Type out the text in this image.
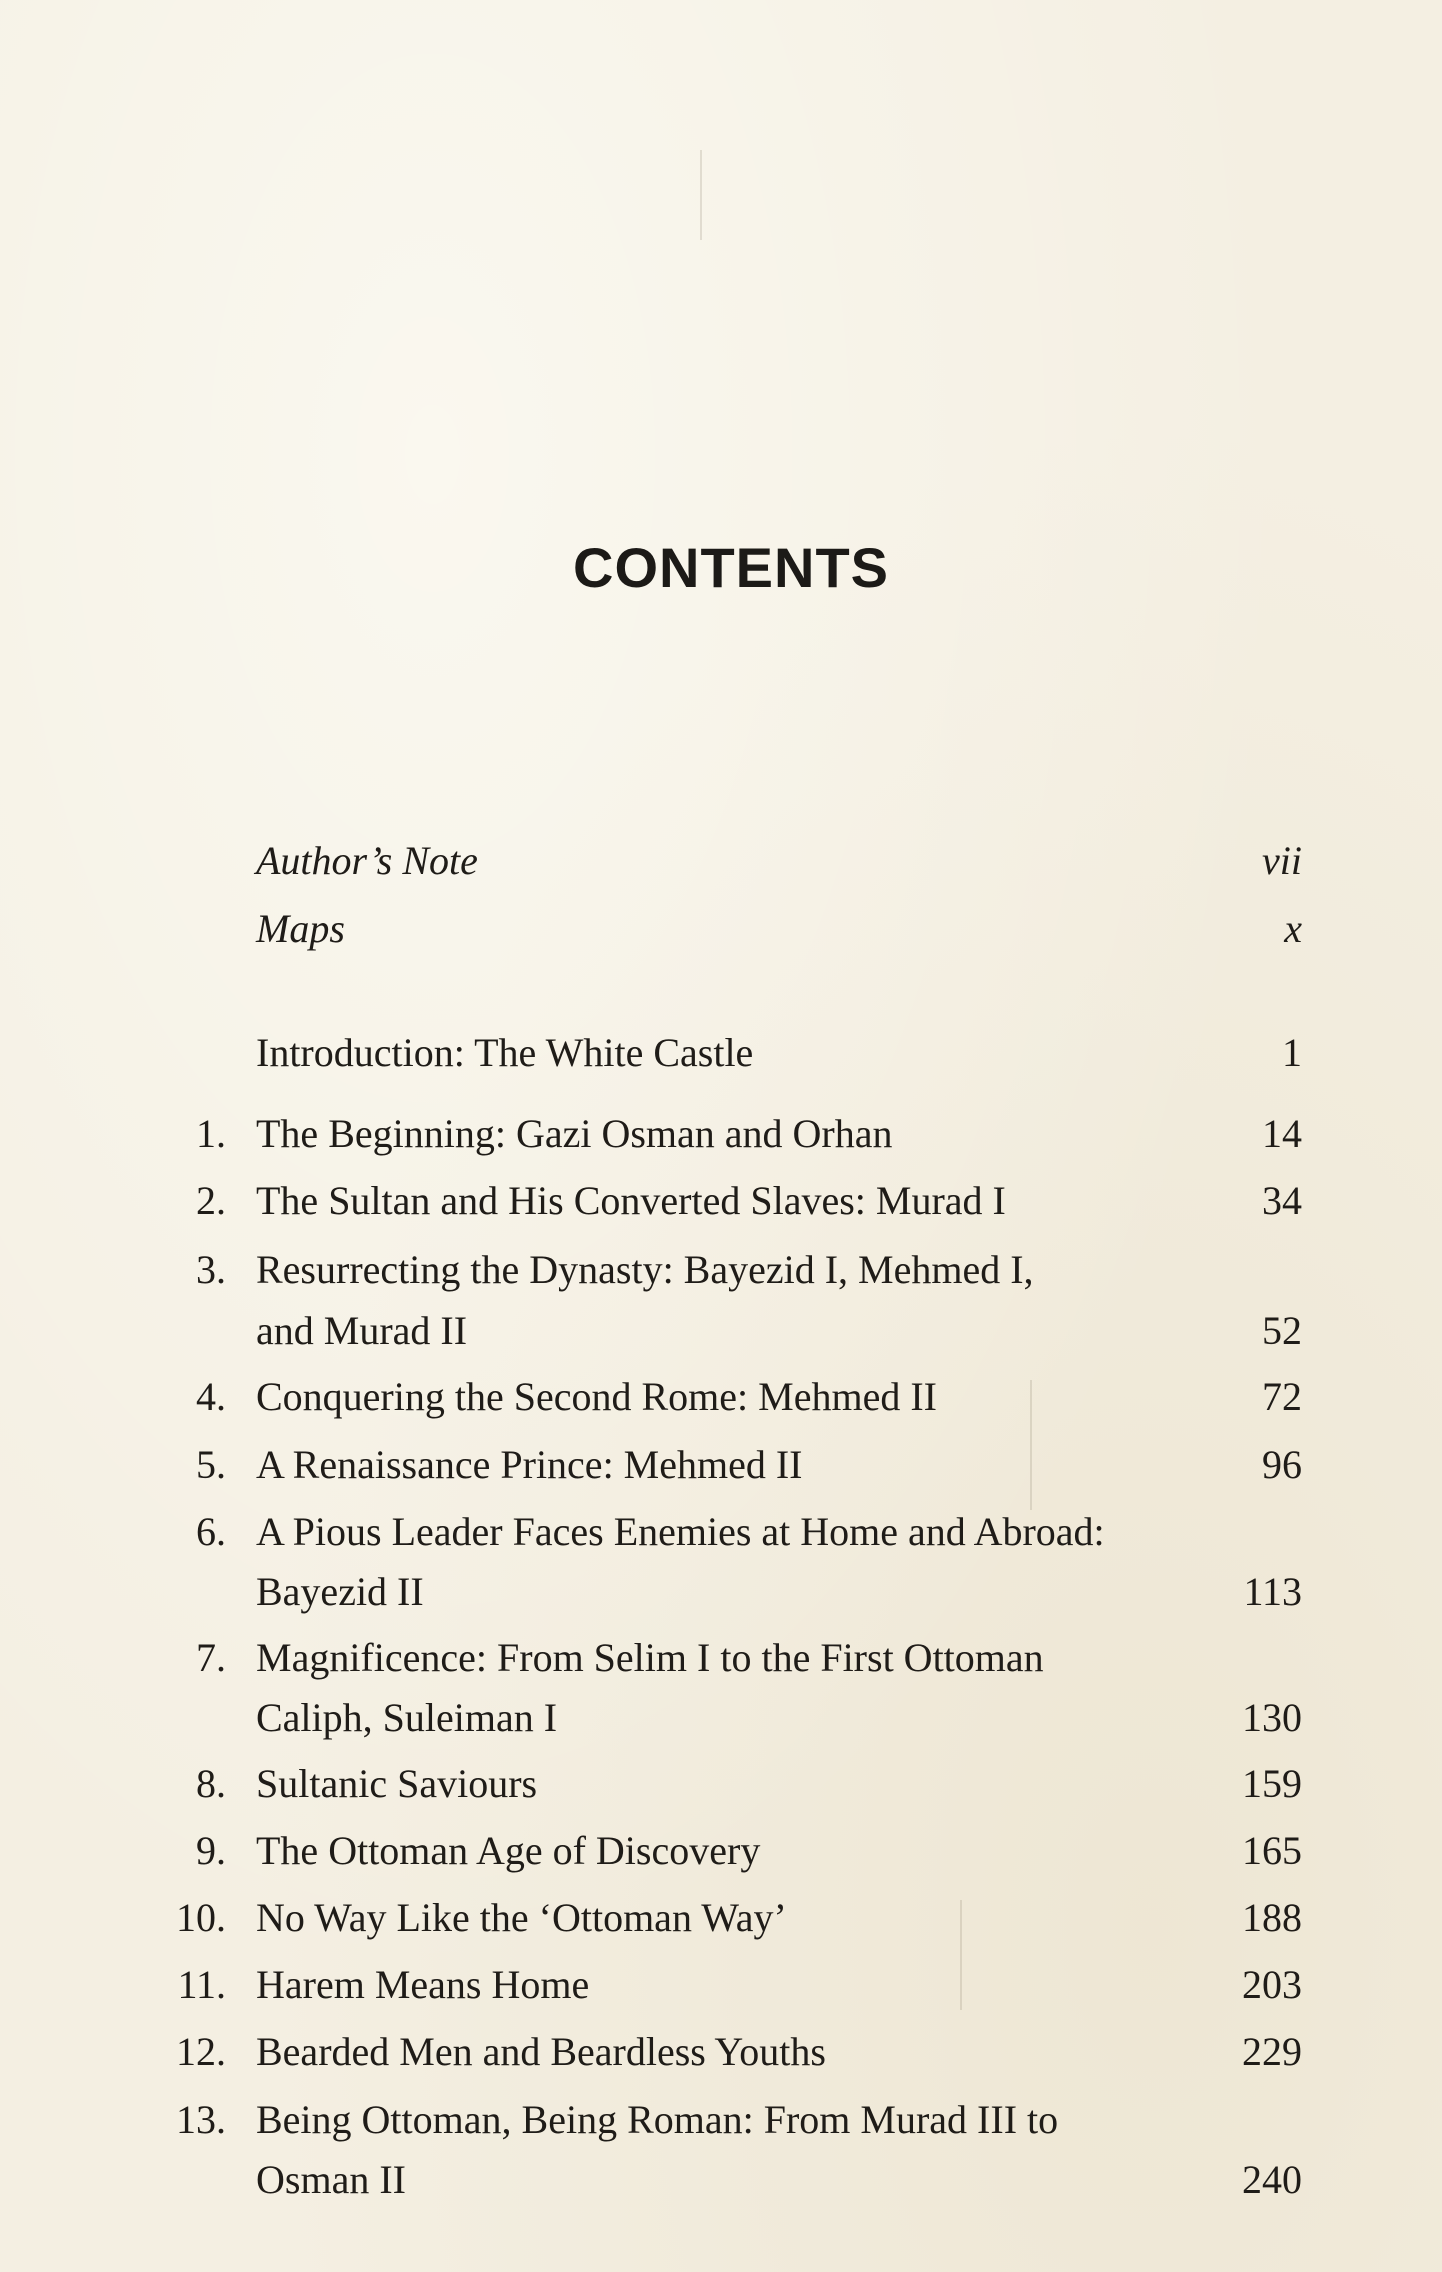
CONTENTS
Author’s Note	vii
Maps	x
Introduction: The White Castle	1
1. The Beginning: Gazi Osman and Orhan	14
2. The Sultan and His Converted Slaves: Murad I	34
3. Resurrecting the Dynasty: Bayezid I, Mehmed I,
and Murad II	52
4. Conquering the Second Rome: Mehmed II	72
5. A Renaissance Prince: Mehmed II	96
6. A Pious Leader Faces Enemies at Home and Abroad:
Bayezid II	113
7. Magnificence: From Selim I to the First Ottoman
Caliph, Suleiman I	130
8. Sultanic Saviours	159
9. The Ottoman Age of Discovery	165
10. No Way Like the ‘Ottoman Way’	188
11. Harem Means Home	203
12. Bearded Men and Beardless Youths	229
13. Being Ottoman, Being Roman: From Murad III to
Osman II	240
